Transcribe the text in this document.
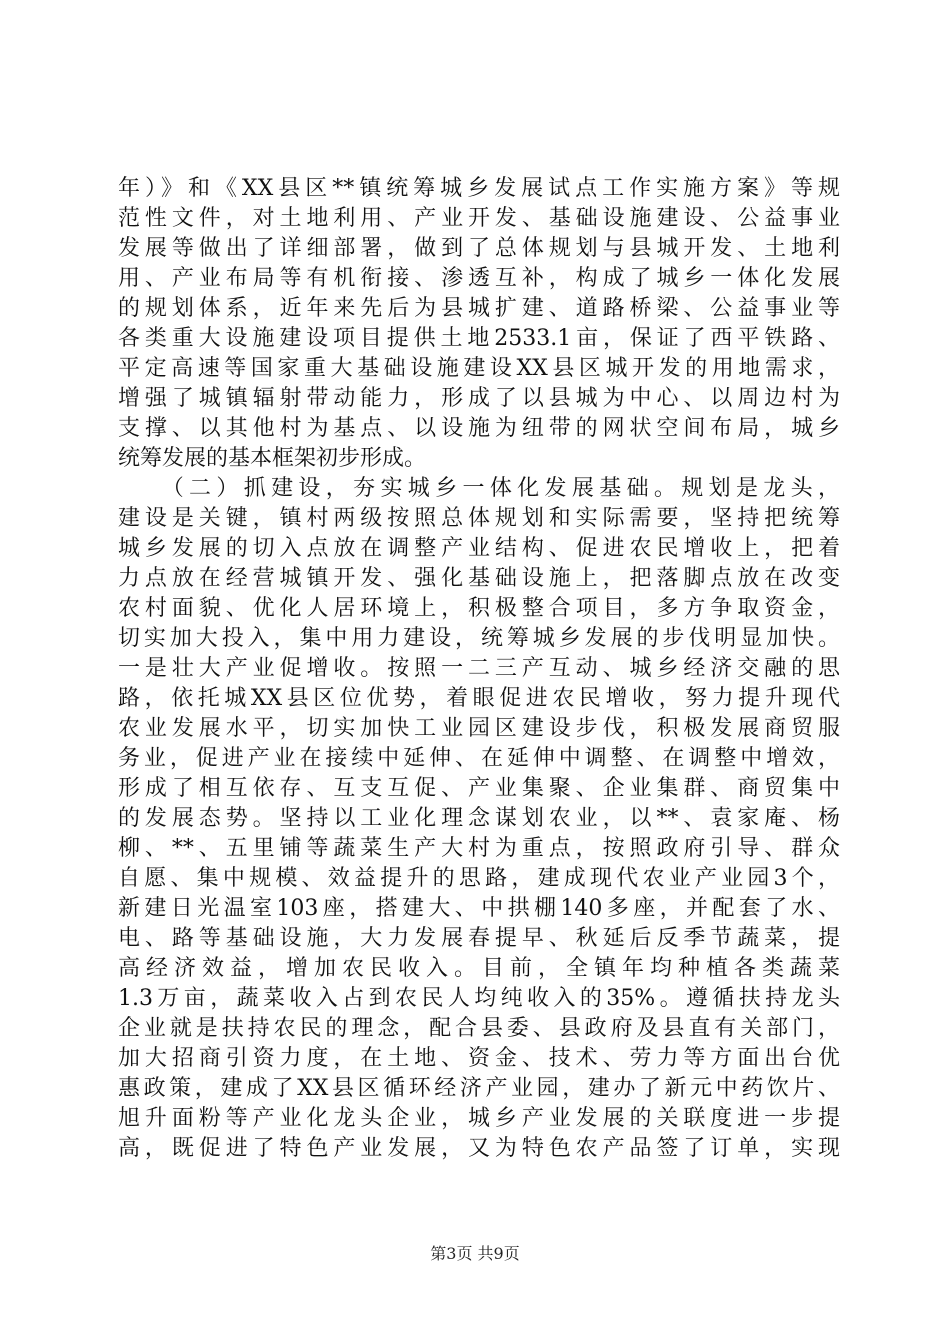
年）》和《XX县区**镇统筹城乡发展试点工作实施方案》等规
范性文件，对土地利用、产业开发、基础设施建设、公益事业
发展等做出了详细部署，做到了总体规划与县城开发、土地利
用、产业布局等有机衔接、渗透互补，构成了城乡一体化发展
的规划体系，近年来先后为县城扩建、道路桥梁、公益事业等
各类重大设施建设项目提供土地2533.1亩，保证了西平铁路、
平定高速等国家重大基础设施建设XX县区城开发的用地需求，
增强了城镇辐射带动能力，形成了以县城为中心、以周边村为
支撑、以其他村为基点、以设施为纽带的网状空间布局，城乡
统筹发展的基本框架初步形成。
　　（二）抓建设，夯实城乡一体化发展基础。规划是龙头，
建设是关键，镇村两级按照总体规划和实际需要，坚持把统筹
城乡发展的切入点放在调整产业结构、促进农民增收上，把着
力点放在经营城镇开发、强化基础设施上，把落脚点放在改变
农村面貌、优化人居环境上，积极整合项目，多方争取资金，
切实加大投入，集中用力建设，统筹城乡发展的步伐明显加快。
一是壮大产业促增收。按照一二三产互动、城乡经济交融的思
路，依托城XX县区位优势，着眼促进农民增收，努力提升现代
农业发展水平，切实加快工业园区建设步伐，积极发展商贸服
务业，促进产业在接续中延伸、在延伸中调整、在调整中增效，
形成了相互依存、互支互促、产业集聚、企业集群、商贸集中
的发展态势。坚持以工业化理念谋划农业，以**、袁家庵、杨
柳、**、五里铺等蔬菜生产大村为重点，按照政府引导、群众
自愿、集中规模、效益提升的思路，建成现代农业产业园3个，
新建日光温室103座，搭建大、中拱棚140多座，并配套了水、
电、路等基础设施，大力发展春提早、秋延后反季节蔬菜，提
高经济效益，增加农民收入。目前，全镇年均种植各类蔬菜
1.3万亩，蔬菜收入占到农民人均纯收入的35%。遵循扶持龙头
企业就是扶持农民的理念，配合县委、县政府及县直有关部门，
加大招商引资力度，在土地、资金、技术、劳力等方面出台优
惠政策，建成了XX县区循环经济产业园，建办了新元中药饮片、
旭升面粉等产业化龙头企业，城乡产业发展的关联度进一步提
高，既促进了特色产业发展，又为特色农产品签了订单，实现
第3页 共9页
